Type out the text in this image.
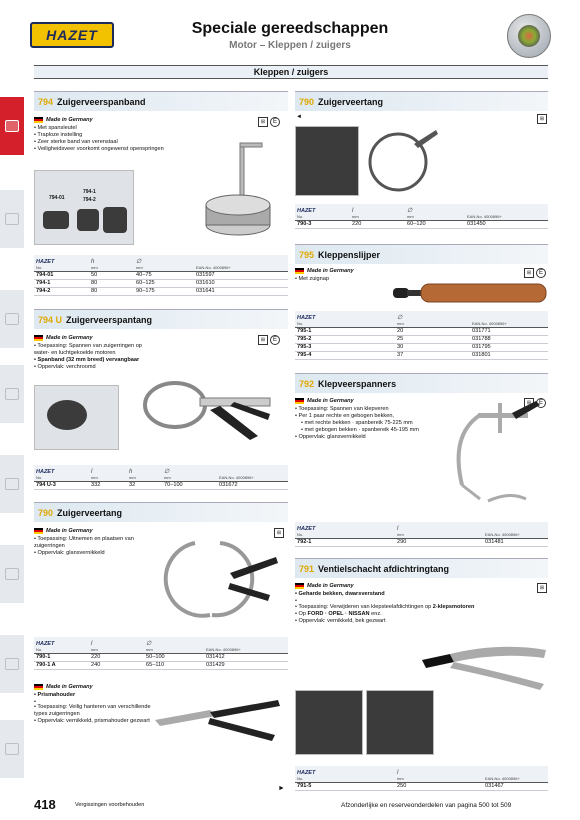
HAZET	Speciale gereedschappen
Motor – Kleppen / zuigers
Kleppen / zuigers
794 Zuigerveerspanband
⊞	E
Made in Germany
• Met spansleutel
• Traploze instelling
• Zeer sterke band van verenstaal
• Veiligheidsveer voorkomt ongewenst openspringen
794-01
794-1
794-2
HAZET
No.	h
mm	∅
mm	EAN-No. 4000896+
794-01	50	40–75	031597
794-1	80	60–125	031610
794-2	80	90–175	031641
794 U Zuigerveerspantang
⊞	E
Made in Germany
• Toepassing: Spannen van zuigerringen op water- en luchtgekoelde motoren
• Spanband (32 mm breed) vervangbaar
• Oppervlak: verchroomd
HAZET
No.	l
mm	h
mm	∅
mm	EAN-No. 4000896+
794 U-3	332	32	70–100	031672
790 Zuigerveertang
⊞
Made in Germany
• Toepassing: Uitnemen en plaatsen van zuigerringen
• Oppervlak: glansvernikkeld
HAZET
No.	l
mm	∅
mm	EAN-No. 4000896+
790-1	220	50–100	031412
790-1 A	240	65–110	031429
Made in Germany
• Prismahouder
•
• Toepassing: Veilig hanteren van verschillende types zuigerringen
• Oppervlak: vernikkeld, prismahouder gezwart
►
790 Zuigerveertang
◄	⊞
HAZET
No.	l
mm	∅
mm	EAN-No. 4000896+
790-3	220	60–120	031450
795 Kleppenslijper
⊞	E
Made in Germany
• Met zuignap
HAZET
No.	∅
mm	EAN-No. 4000896+
795-1	20	031771
795-2	25	031788
795-3	30	031795
795-4	37	031801
792 Klepveerspanners
⊞	E
Made in Germany
• Toepassing: Spannen van klepveren
• Per 1 paar rechte en gebogen bekken,
• met rechte bekken · spanbereik 75-225 mm
• met gebogen bekken · spanbereik 45-195 mm
• Oppervlak: glansvernikkeld
HAZET
No.	l
mm	EAN-No. 4000896+
792-1	290	031481
791 Ventielschacht afdichtringtang
⊞
Made in Germany
• Geharde bekken, dwarsverstand
•
• Toepassing: Verwijderen van klepsteelafdichtingen op 2-klepsmotoren
• Op FORD · OPEL · NISSAN enz.
• Oppervlak: vernikkeld, bek gezwart
HAZET
No.	l
mm	EAN-No. 4000896+
791-5	250	031467
418	Vergissingen voorbehouden	Afzonderlijke en reserveonderdelen van pagina 500 tot 509
